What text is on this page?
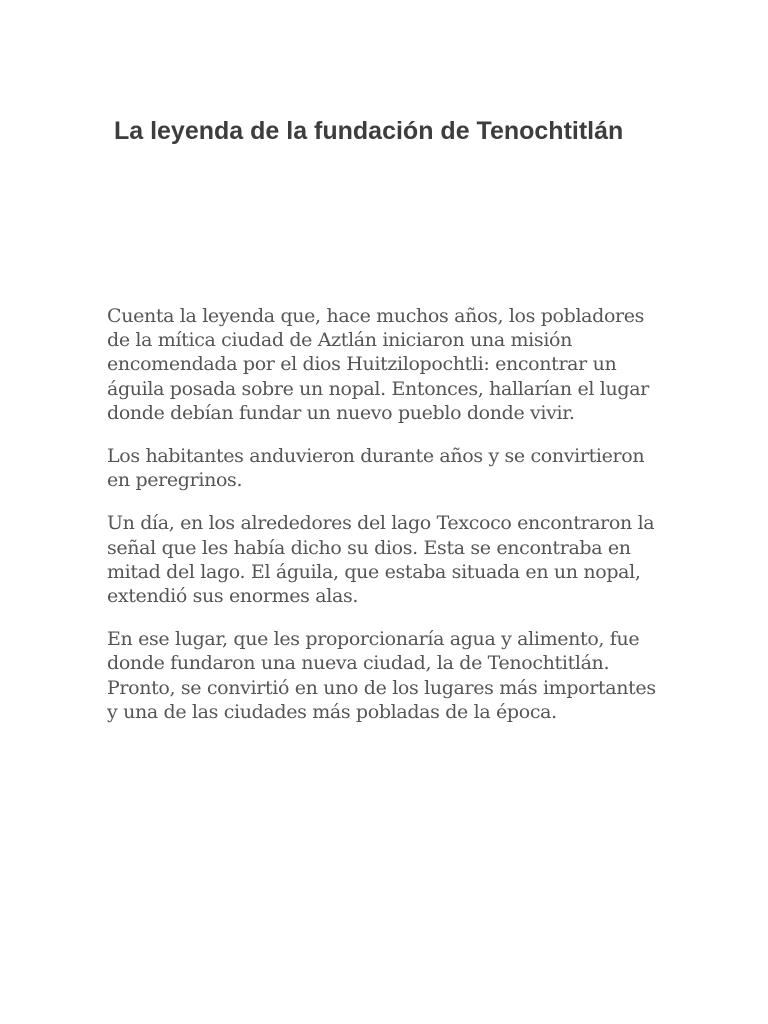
La leyenda de la fundación de Tenochtitlán

Cuenta la leyenda que, hace muchos años, los pobladores de la mítica ciudad de Aztlán iniciaron una misión encomendada por el dios Huitzilopochtli: encontrar un águila posada sobre un nopal. Entonces, hallarían el lugar donde debían fundar un nuevo pueblo donde vivir.

Los habitantes anduvieron durante años y se convirtieron en peregrinos.

Un día, en los alrededores del lago Texcoco encontraron la señal que les había dicho su dios. Esta se encontraba en mitad del lago. El águila, que estaba situada en un nopal, extendió sus enormes alas.

En ese lugar, que les proporcionaría agua y alimento, fue donde fundaron una nueva ciudad, la de Tenochtitlán. Pronto, se convirtió en uno de los lugares más importantes y una de las ciudades más pobladas de la época.
